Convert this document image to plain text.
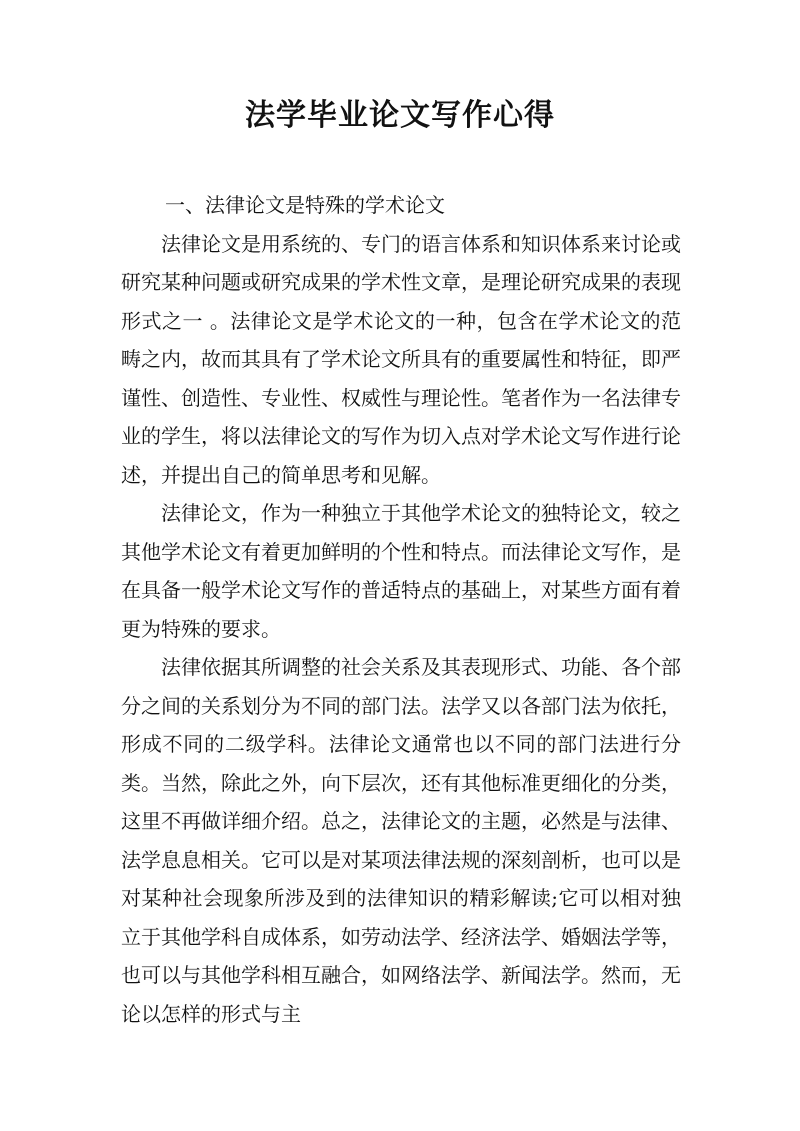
法学毕业论文写作心得
一、法律论文是特殊的学术论文

法律论文是用系统的、专门的语言体系和知识体系来讨论或研究某种问题或研究成果的学术性文章，是理论研究成果的表现形式之一 。法律论文是学术论文的一种，包含在学术论文的范畴之内，故而其具有了学术论文所具有的重要属性和特征，即严谨性、创造性、专业性、权威性与理论性。笔者作为一名法律专业的学生，将以法律论文的写作为切入点对学术论文写作进行论述，并提出自己的简单思考和见解。

法律论文，作为一种独立于其他学术论文的独特论文，较之其他学术论文有着更加鲜明的个性和特点。而法律论文写作，是在具备一般学术论文写作的普适特点的基础上，对某些方面有着更为特殊的要求。

法律依据其所调整的社会关系及其表现形式、功能、各个部分之间的关系划分为不同的部门法。法学又以各部门法为依托，形成不同的二级学科。法律论文通常也以不同的部门法进行分类。当然，除此之外，向下层次，还有其他标准更细化的分类，这里不再做详细介绍。总之，法律论文的主题，必然是与法律、法学息息相关。它可以是对某项法律法规的深刻剖析，也可以是对某种社会现象所涉及到的法律知识的精彩解读;它可以相对独立于其他学科自成体系，如劳动法学、经济法学、婚姻法学等，也可以与其他学科相互融合，如网络法学、新闻法学。然而，无论以怎样的形式与主
